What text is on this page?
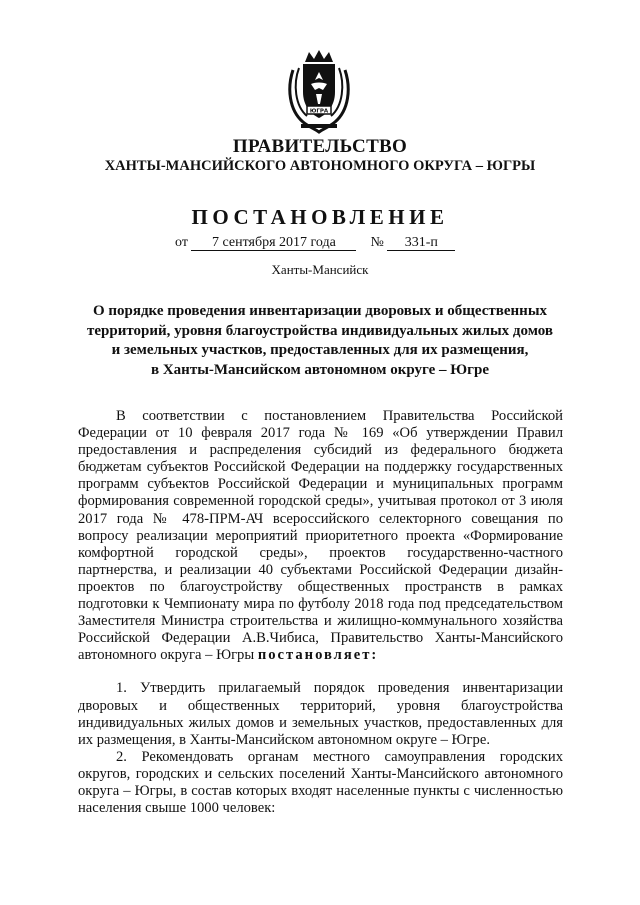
ЮГРА
ПРАВИТЕЛЬСТВО
ХАНТЫ-МАНСИЙСКОГО АВТОНОМНОГО ОКРУГА – ЮГРЫ
ПОСТАНОВЛЕНИЕ
от 7 сентября 2017 года № 331-п
Ханты-Мансийск
О порядке проведения инвентаризации дворовых и общественных
территорий, уровня благоустройства индивидуальных жилых домов
и земельных участков, предоставленных для их размещения,
в Ханты-Мансийском автономном округе – Югре

В соответствии с постановлением Правительства Российской Федерации от 10 февраля 2017 года № 169 «Об утверждении Правил предоставления и распределения субсидий из федерального бюджета бюджетам субъектов Российской Федерации на поддержку государственных программ субъектов Российской Федерации и муниципальных программ формирования современной городской среды», учитывая протокол от 3 июля 2017 года № 478-ПРМ-АЧ всероссийского селекторного совещания по вопросу реализации мероприятий приоритетного проекта «Формирование комфортной городской среды», проектов государственно-частного партнерства, и реализации 40 субъектами Российской Федерации дизайн-проектов по благоустройству общественных пространств в рамках подготовки к Чемпионату мира по футболу 2018 года под председательством Заместителя Министра строительства и жилищно-коммунального хозяйства Российской Федерации А.В.Чибиса, Правительство Ханты-Мансийского автономного округа – Югры постановляет:

1. Утвердить прилагаемый порядок проведения инвентаризации дворовых и общественных территорий, уровня благоустройства индивидуальных жилых домов и земельных участков, предоставленных для их размещения, в Ханты-Мансийском автономном округе – Югре.

2. Рекомендовать органам местного самоуправления городских округов, городских и сельских поселений Ханты-Мансийского автономного округа – Югры, в состав которых входят населенные пункты с численностью населения свыше 1000 человек:
